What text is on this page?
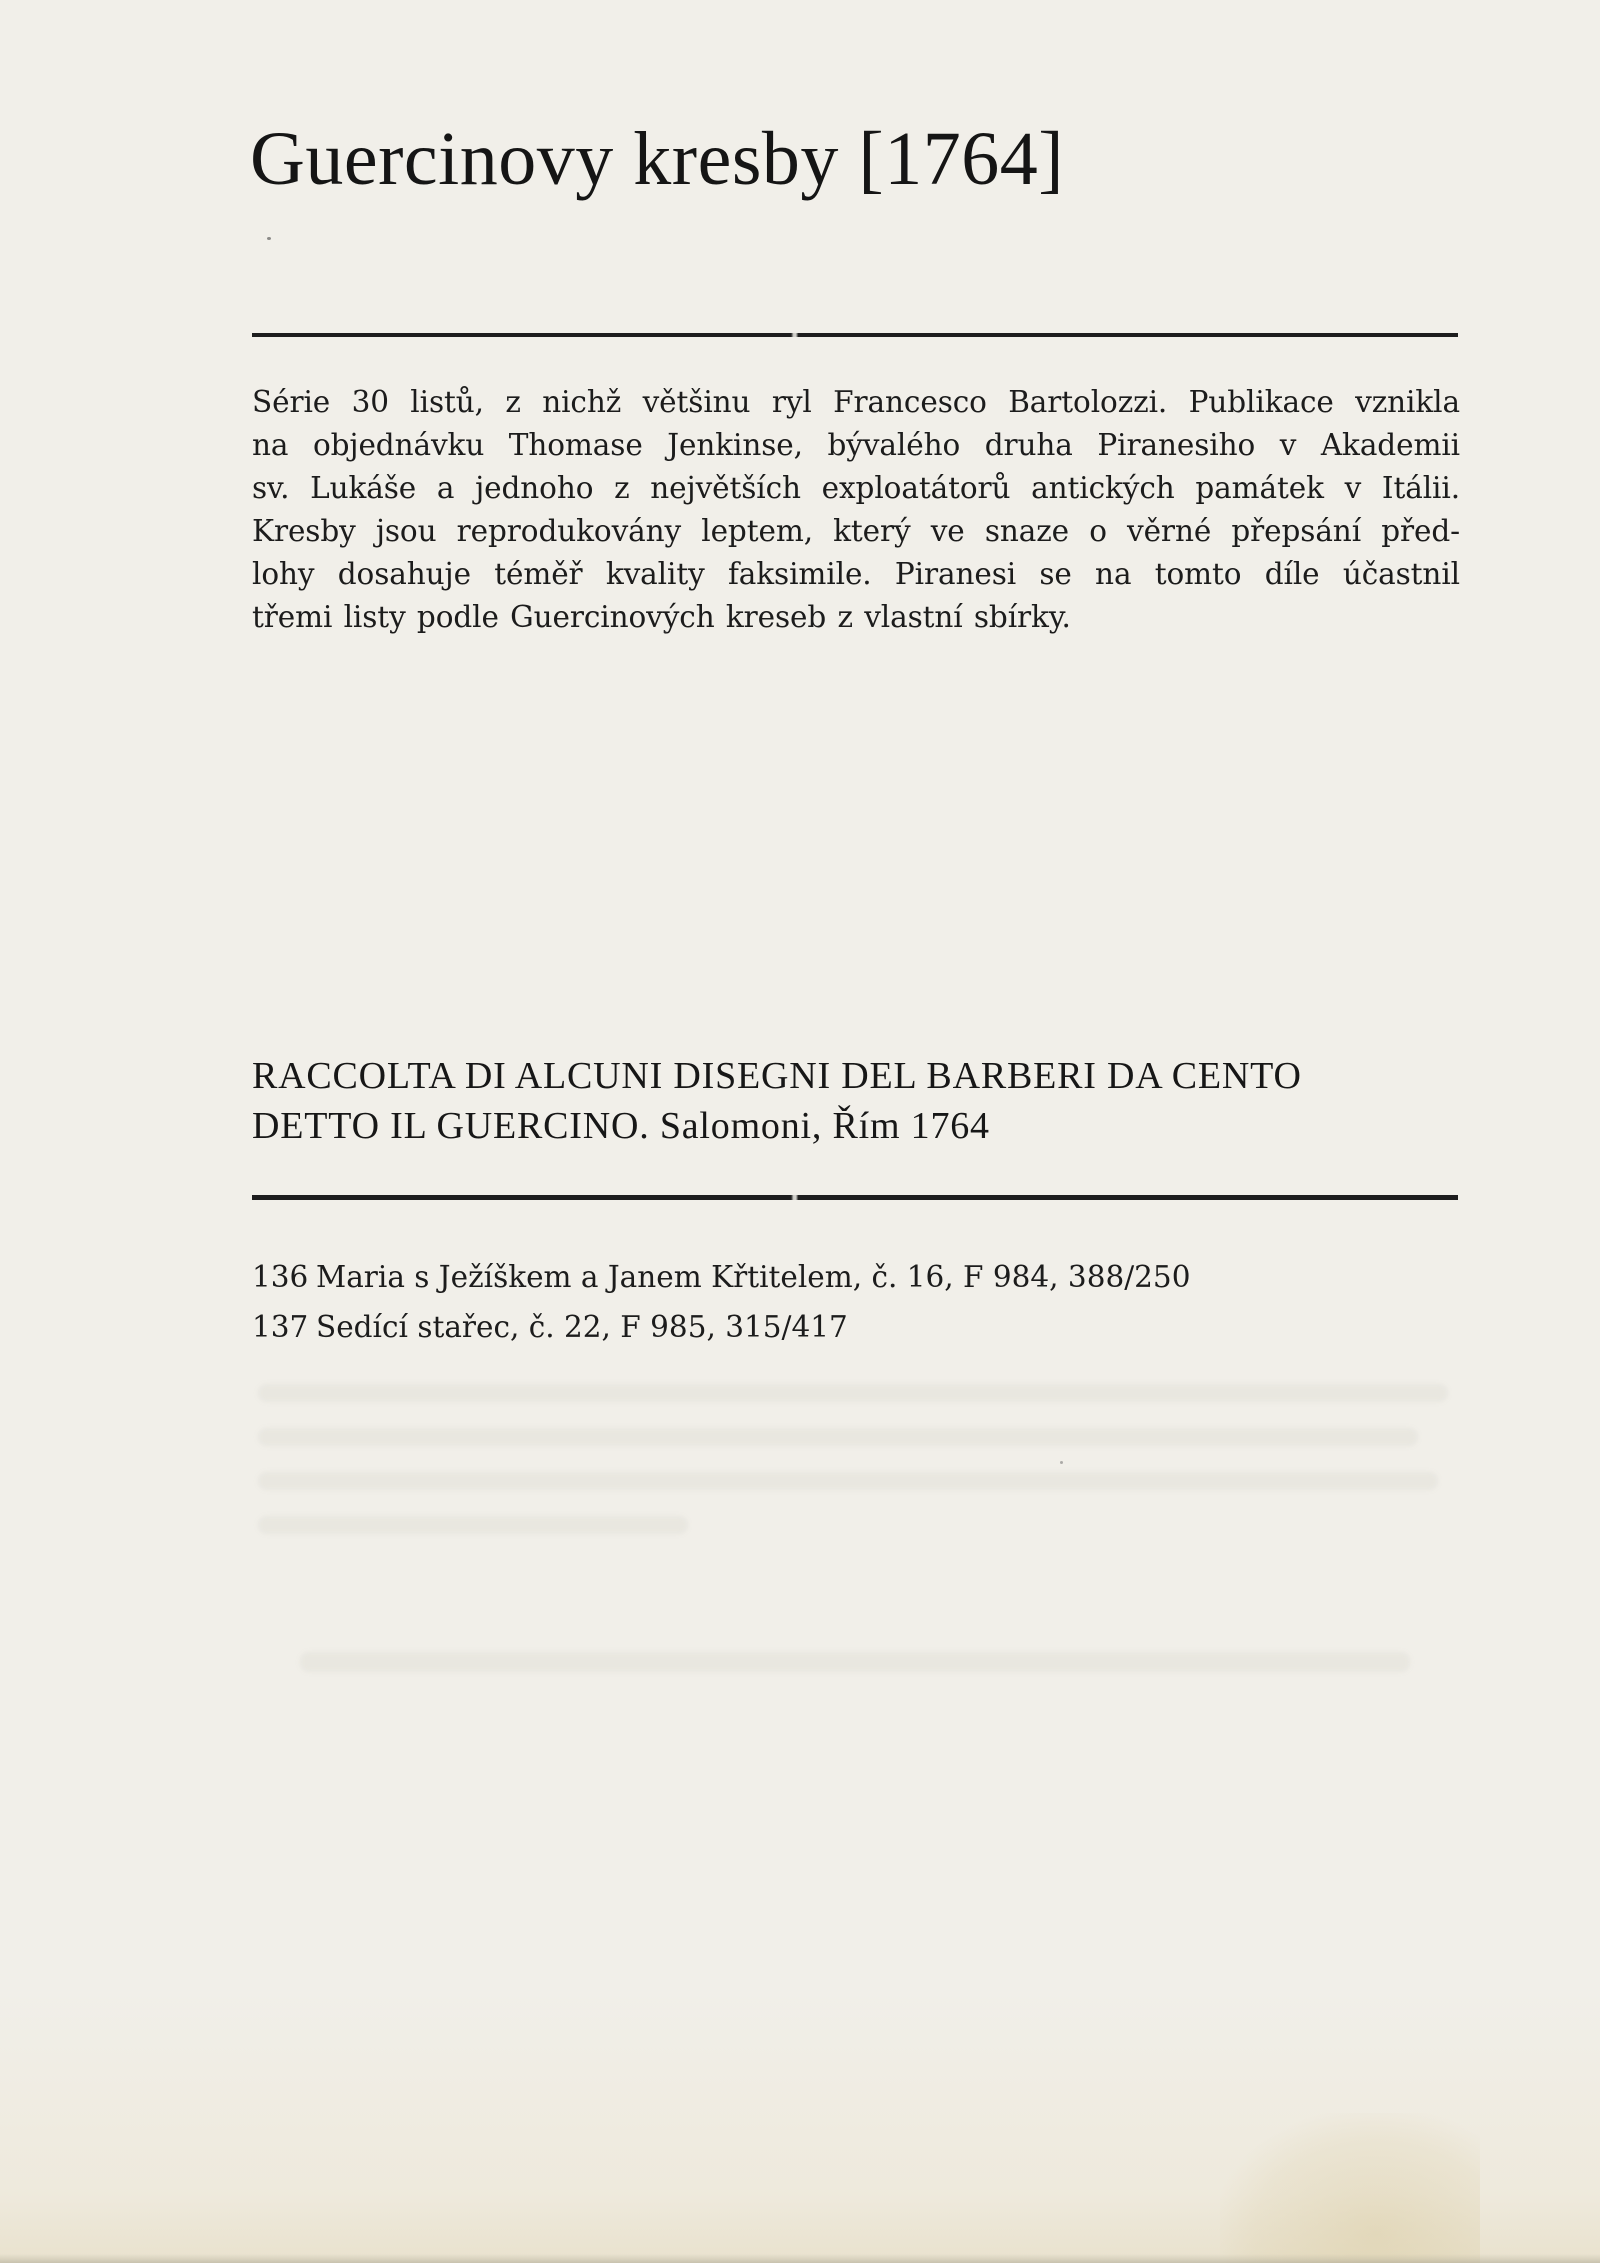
Guercinovy kresby [1764]
Série 30 listů, z nichž většinu ryl Francesco Bartolozzi. Publikace vznikla
na objednávku Thomase Jenkinse, bývalého druha Piranesiho v Akademii
sv. Lukáše a jednoho z největších exploatátorů antických památek v Itálii.
Kresby jsou reprodukovány leptem, který ve snaze o věrné přepsání před-
lohy dosahuje téměř kvality faksimile. Piranesi se na tomto díle účastnil
třemi listy podle Guercinových kreseb z vlastní sbírky.
RACCOLTA DI ALCUNI DISEGNI DEL BARBERI DA CENTO
DETTO IL GUERCINO. Salomoni, Řím 1764
136 Maria s Ježíškem a Janem Křtitelem, č. 16, F 984, 388/250
137 Sedící stařec, č. 22, F 985, 315/417
